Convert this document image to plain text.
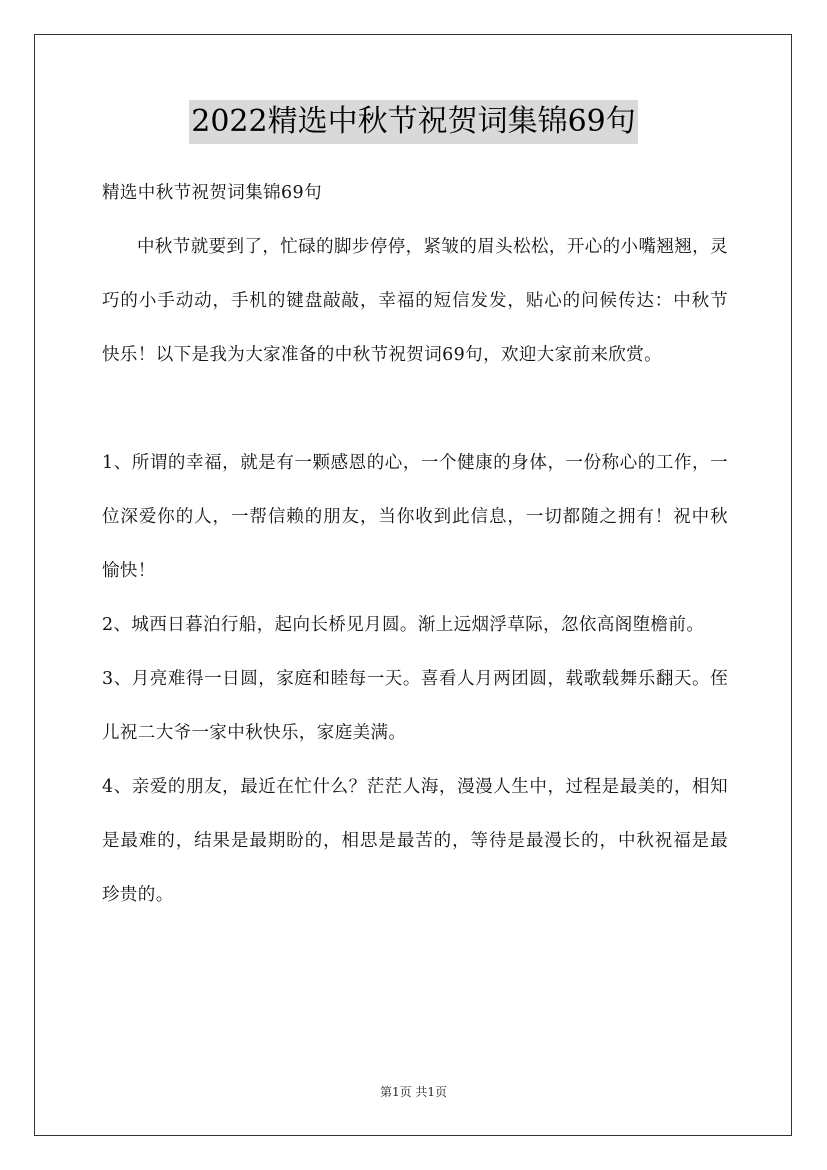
2022精选中秋节祝贺词集锦69句

精选中秋节祝贺词集锦69句

中秋节就要到了，忙碌的脚步停停，紧皱的眉头松松，开心的小嘴翘翘，灵巧的小手动动，手机的键盘敲敲，幸福的短信发发，贴心的问候传达：中秋节快乐！以下是我为大家准备的中秋节祝贺词69句，欢迎大家前来欣赏。

1、所谓的幸福，就是有一颗感恩的心，一个健康的身体，一份称心的工作，一位深爱你的人，一帮信赖的朋友，当你收到此信息，一切都随之拥有！祝中秋愉快！

2、城西日暮泊行船，起向长桥见月圆。渐上远烟浮草际，忽依高阁堕檐前。

3、月亮难得一日圆，家庭和睦每一天。喜看人月两团圆，载歌载舞乐翻天。侄儿祝二大爷一家中秋快乐，家庭美满。

4、亲爱的朋友，最近在忙什么？茫茫人海，漫漫人生中，过程是最美的，相知是最难的，结果是最期盼的，相思是最苦的，等待是最漫长的，中秋祝福是最珍贵的。

第1页 共1页
